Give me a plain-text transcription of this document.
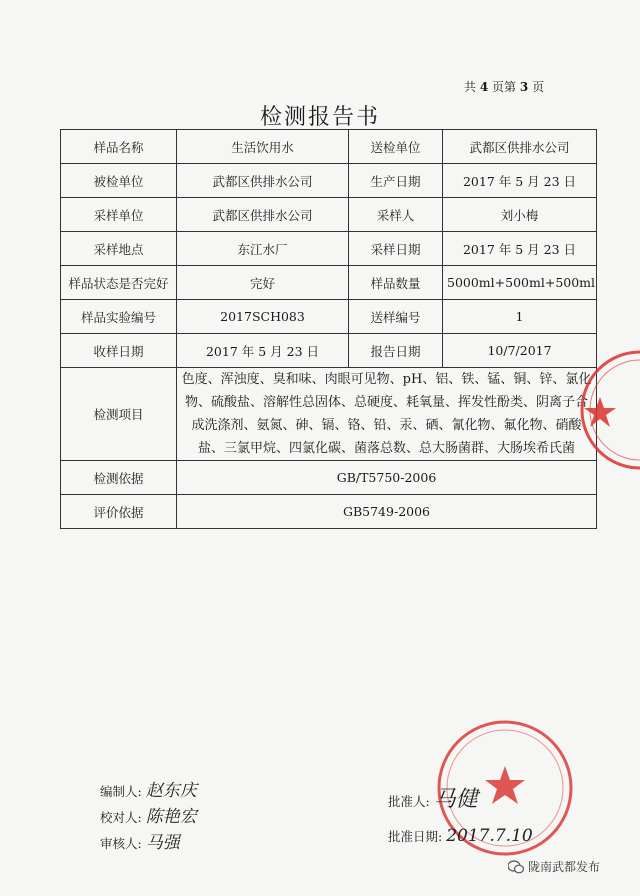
共 4 页第 3 页
检测报告书
样品名称	生活饮用水	送检单位	武都区供排水公司
被检单位	武都区供排水公司	生产日期	2017 年 5 月 23 日
采样单位	武都区供排水公司	采样人	刘小梅
采样地点	东江水厂	采样日期	2017 年 5 月 23 日
样品状态是否完好	完好	样品数量	5000ml+500ml+500ml
样品实验编号	2017SCH083	送样编号	1
收样日期	2017 年 5 月 23 日	报告日期	10/7/2017
检测项目	色度、浑浊度、臭和味、肉眼可见物、pH、铝、铁、锰、铜、锌、氯化物、硫酸盐、溶解性总固体、总硬度、耗氧量、挥发性酚类、阴离子合成洗涤剂、氨氮、砷、镉、铬、铅、汞、硒、氰化物、氟化物、硝酸盐、三氯甲烷、四氯化碳、菌落总数、总大肠菌群、大肠埃希氏菌		
检测依据	GB/T5750-2006		
评价依据	GB5749-2006		
编制人: 赵东庆
校对人: 陈艳宏
审核人: 马强
批准人: 马健
批准日期: 2017.7.10
陇南武都发布
